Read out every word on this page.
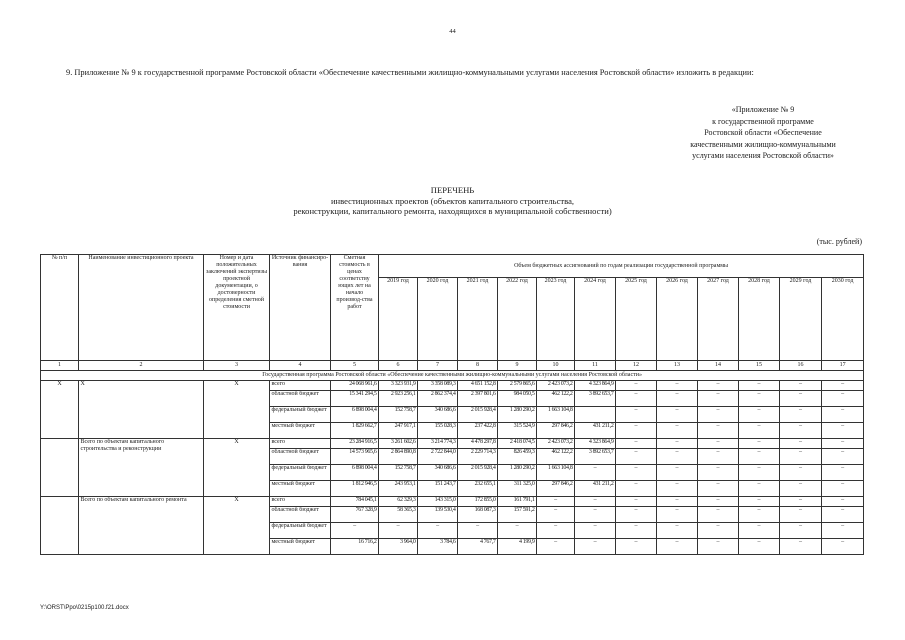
44
9. Приложение № 9 к государственной программе Ростовской области «Обеспечение качественными жилищно-коммунальными услугами населения Ростовской области» изложить в редакции:
«Приложение № 9
к государственной программе
Ростовской области «Обеспечение
качественными жилищно-коммунальными
услугами населения Ростовской области»
ПЕРЕЧЕНЬ
инвестиционных проектов (объектов капитального строительства,
реконструкции, капитального ремонта, находящихся в муниципальной собственности)
(тыс. рублей)
№ п/п	Наименование инвестиционного проекта	Номер и дата положительных заключений экспертизы проектной документации, о достоверности определения сметной стоимости	Источник финансиро-вания	Сметная стоимость в ценах соответству ющих лет на начало производ-ства работ	Объем бюджетных ассигнований по годам реализации государственной программы											
					2019 год	2020 год	2021 год	2022 год	2023 год	2024 год	2025 год	2026 год	2027 год	2028 год	2029 год	2030 год
1	2	3	4	5	6	7	8	9	10	11	12	13	14	15	16	17
Государственная программа Ростовской области «Обеспечение качественными жилищно-коммунальными услугами населения Ростовской области»																
Х	Х	Х	всего	24 068 961,6	3 323 931,9	3 358 089,3	4 651 152,8	2 579 865,6	2 423 073,2	4 323 864,9	–	–	–	–	–	–
			областной бюджет	15 341 294,5	2 923 256,1	2 862 374,4	2 397 801,6	984 050,5	462 122,2	3 892 653,7	–	–	–	–	–	–
			федеральный бюджет	6 898 004,4	152 758,7	340 686,6	2 015 928,4	1 280 290,2	1 663 104,8		–	–	–	–	–	–
			местный бюджет	1 829 662,7	247 917,1	155 028,3	237 422,8	315 524,9	297 846,2	431 211,2	–	–	–	–	–	–
	Всего по объектам капитального строительства и реконструкции	Х	всего	23 284 916,5	3 261 602,6	3 214 774,3	4 478 297,8	2 418 074,5	2 423 073,2	4 323 864,9	–	–	–	–	–	–
			областной бюджет	14 573 965,6	2 864 890,8	2 722 844,0	2 229 714,3	826 459,3	462 122,2	3 892 653,7	–	–	–	–	–	–
			федеральный бюджет	6 898 004,4	152 758,7	340 686,6	2 015 928,4	1 280 290,2	1 663 104,8	–	–	–	–	–	–	–
			местный бюджет	1 812 946,5	243 953,1	151 243,7	232 655,1	311 325,0	297 846,2	431 211,2	–	–	–	–	–	–
	Всего по объектам капитального ремонта	Х	всего	784 045,1	62 329,3	143 315,0	172 855,0	161 791,1	–	–	–	–	–	–	–	–
			областной бюджет	767 328,9	58 365,3	139 530,4	168 087,3	157 591,2	–	–	–	–	–	–	–	–
			федеральный бюджет	–	–	–	–	–	–	–	–	–	–	–	–	–
			местный бюджет	16 716,2	3 964,0	3 784,6	4 767,7	4 199,9	–	–	–	–	–	–	–	–
Y:\ORST\Ppo\0215p100.f21.docx
